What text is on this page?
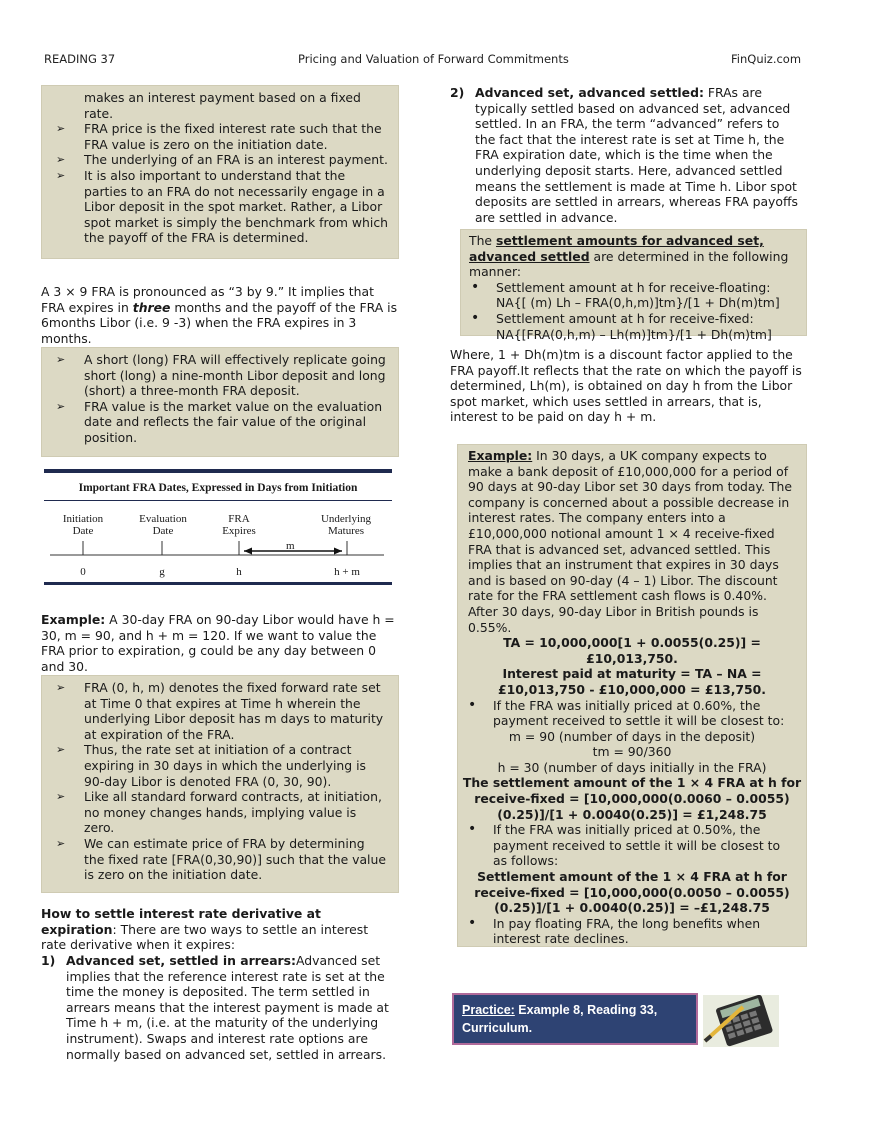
READING 37	Pricing and Valuation of Forward Commitments	FinQuiz.com
makes an interest payment based on a fixed rate.
➢ FRA price is the fixed interest rate such that the FRA value is zero on the initiation date.
➢ The underlying of an FRA is an interest payment.
➢ It is also important to understand that the parties to an FRA do not necessarily engage in a Libor deposit in the spot market. Rather, a Libor spot market is simply the benchmark from which the payoff of the FRA is determined.
A 3 × 9 FRA is pronounced as “3 by 9.” It implies that FRA expires in three months and the payoff of the FRA is 6months Libor (i.e. 9 -3) when the FRA expires in 3 months.
➢ A short (long) FRA will effectively replicate going short (long) a nine-month Libor deposit and long (short) a three-month FRA deposit.
➢ FRA value is the market value on the evaluation date and reflects the fair value of the original position.
Important FRA Dates, Expressed in Days from Initiation
Initiation
Date
Evaluation
Date
FRA
Expires
Underlying
Matures
m
0	g	h	h + m
Example: A 30-day FRA on 90-day Libor would have h = 30, m = 90, and h + m = 120. If we want to value the FRA prior to expiration, g could be any day between 0 and 30.
➢ FRA (0, h, m) denotes the fixed forward rate set at Time 0 that expires at Time h wherein the underlying Libor deposit has m days to maturity at expiration of the FRA.
➢ Thus, the rate set at initiation of a contract expiring in 30 days in which the underlying is 90-day Libor is denoted FRA (0, 30, 90).
➢ Like all standard forward contracts, at initiation, no money changes hands, implying value is zero.
➢ We can estimate price of FRA by determining the fixed rate [FRA(0,30,90)] such that the value is zero on the initiation date.
How to settle interest rate derivative at expiration: There are two ways to settle an interest rate derivative when it expires:
1) Advanced set, settled in arrears:Advanced set implies that the reference interest rate is set at the time the money is deposited. The term settled in arrears means that the interest payment is made at Time h + m, (i.e. at the maturity of the underlying instrument). Swaps and interest rate options are normally based on advanced set, settled in arrears.
2) Advanced set, advanced settled: FRAs are typically settled based on advanced set, advanced settled. In an FRA, the term “advanced” refers to the fact that the interest rate is set at Time h, the FRA expiration date, which is the time when the underlying deposit starts. Here, advanced settled means the settlement is made at Time h. Libor spot deposits are settled in arrears, whereas FRA payoffs are settled in advance.
The settlement amounts for advanced set, advanced settled are determined in the following manner:
• Settlement amount at h for receive-floating:
NA{[ (m) Lh – FRA(0,h,m)]tm}/[1 + Dh(m)tm]
• Settlement amount at h for receive-fixed:
NA{[FRA(0,h,m) – Lh(m)]tm}/[1 + Dh(m)tm]
Where, 1 + Dh(m)tm is a discount factor applied to the FRA payoff.It reflects that the rate on which the payoff is determined, Lh(m), is obtained on day h from the Libor spot market, which uses settled in arrears, that is, interest to be paid on day h + m.
Example: In 30 days, a UK company expects to make a bank deposit of £10,000,000 for a period of 90 days at 90-day Libor set 30 days from today. The company is concerned about a possible decrease in interest rates. The company enters into a £10,000,000 notional amount 1 × 4 receive-fixed FRA that is advanced set, advanced settled. This implies that an instrument that expires in 30 days and is based on 90-day (4 – 1) Libor. The discount rate for the FRA settlement cash flows is 0.40%. After 30 days, 90-day Libor in British pounds is 0.55%.
TA = 10,000,000[1 + 0.0055(0.25)] = £10,013,750.
Interest paid at maturity = TA – NA = £10,013,750 - £10,000,000 = £13,750.
• If the FRA was initially priced at 0.60%, the payment received to settle it will be closest to:
m = 90 (number of days in the deposit)
tm = 90/360
h = 30 (number of days initially in the FRA)
The settlement amount of the 1 × 4 FRA at h for receive-fixed = [10,000,000(0.0060 – 0.0055)(0.25)]/[1 + 0.0040(0.25)] = £1,248.75
• If the FRA was initially priced at 0.50%, the payment received to settle it will be closest to as follows:
Settlement amount of the 1 × 4 FRA at h for receive-fixed = [10,000,000(0.0050 – 0.0055)(0.25)]/[1 + 0.0040(0.25)] = –£1,248.75
• In pay floating FRA, the long benefits when interest rate declines.
Practice: Example 8, Reading 33,
Curriculum.
